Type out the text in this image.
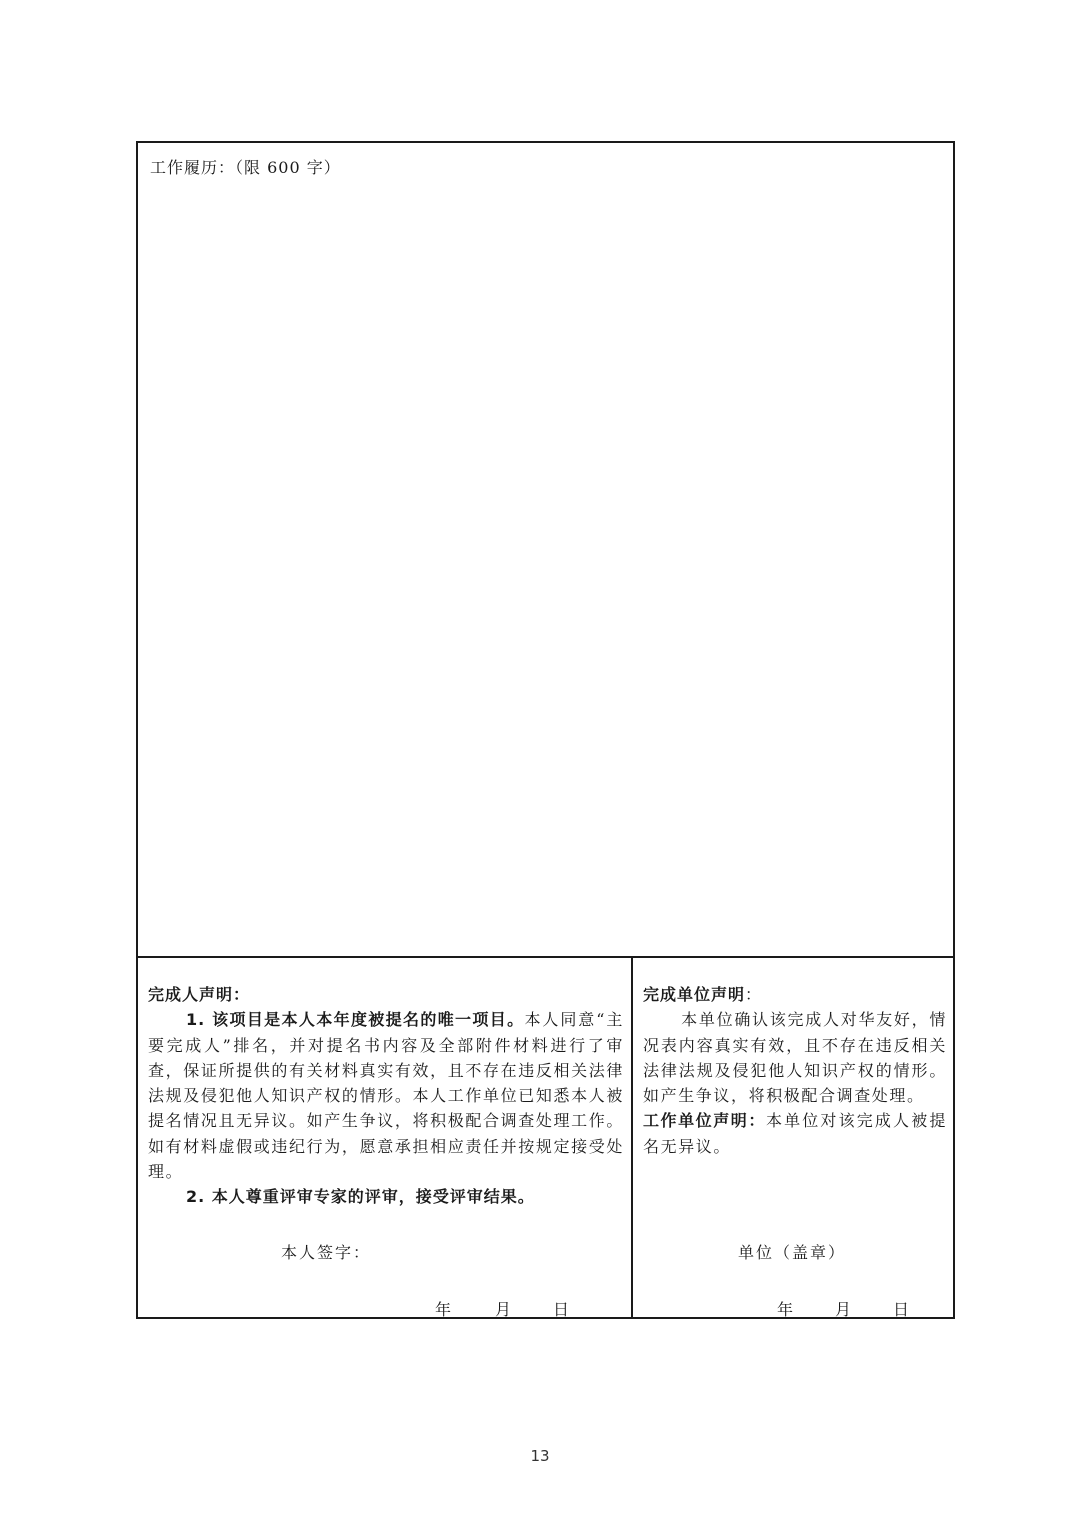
工作履历：（限 600 字）
完成人声明：
1. 该项目是本人本年度被提名的唯一项目。本人同意“主要完成人”排名，并对提名书内容及全部附件材料进行了审查，保证所提供的有关材料真实有效，且不存在违反相关法律法规及侵犯他人知识产权的情形。本人工作单位已知悉本人被提名情况且无异议。如产生争议，将积极配合调查处理工作。如有材料虚假或违纪行为，愿意承担相应责任并按规定接受处理。
2. 本人尊重评审专家的评审，接受评审结果。
本人签字：
年	月	日
完成单位声明：
本单位确认该完成人对华友好，情况表内容真实有效，且不存在违反相关法律法规及侵犯他人知识产权的情形。如产生争议，将积极配合调查处理。
工作单位声明：本单位对该完成人被提名无异议。
单位（盖章）
年	月	日
13
